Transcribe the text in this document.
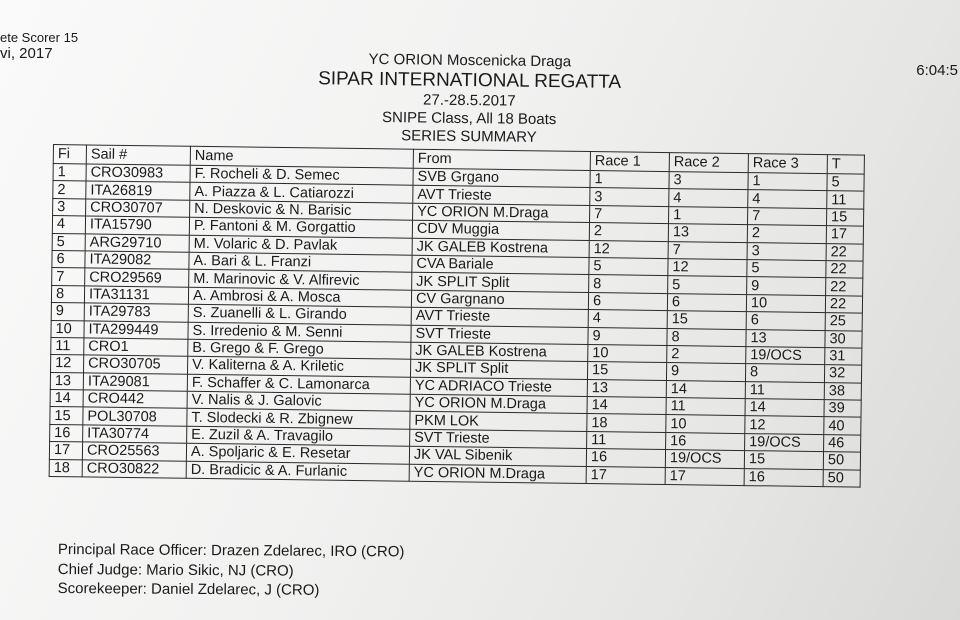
ete Scorer 15
vi, 2017
6:04:5
YC ORION Moscenicka Draga
SIPAR INTERNATIONAL REGATTA
27.-28.5.2017
SNIPE Class, All 18 Boats
SERIES SUMMARY
Fi	Sail #	Name	From	Race 1	Race 2	Race 3	T
1	CRO30983	F. Rocheli & D. Semec	SVB Grgano	1	3	1	5
2	ITA26819	A. Piazza & L. Catiarozzi	AVT Trieste	3	4	4	11
3	CRO30707	N. Deskovic & N. Barisic	YC ORION M.Draga	7	1	7	15
4	ITA15790	P. Fantoni & M. Gorgattio	CDV Muggia	2	13	2	17
5	ARG29710	M. Volaric & D. Pavlak	JK GALEB Kostrena	12	7	3	22
6	ITA29082	A. Bari & L. Franzi	CVA Bariale	5	12	5	22
7	CRO29569	M. Marinovic & V. Alfirevic	JK SPLIT Split	8	5	9	22
8	ITA31131	A. Ambrosi & A. Mosca	CV Gargnano	6	6	10	22
9	ITA29783	S. Zuanelli & L. Girando	AVT Trieste	4	15	6	25
10	ITA299449	S. Irredenio & M. Senni	SVT Trieste	9	8	13	30
11	CRO1	B. Grego & F. Grego	JK GALEB Kostrena	10	2	19/OCS	31
12	CRO30705	V. Kaliterna & A. Kriletic	JK SPLIT Split	15	9	8	32
13	ITA29081	F. Schaffer & C. Lamonarca	YC ADRIACO Trieste	13	14	11	38
14	CRO442	V. Nalis & J. Galovic	YC ORION M.Draga	14	11	14	39
15	POL30708	T. Slodecki & R. Zbignew	PKM LOK	18	10	12	40
16	ITA30774	E. Zuzil & A. Travagilo	SVT Trieste	11	16	19/OCS	46
17	CRO25563	A. Spoljaric & E. Resetar	JK VAL Sibenik	16	19/OCS	15	50
18	CRO30822	D. Bradicic & A. Furlanic	YC ORION M.Draga	17	17	16	50
Principal Race Officer: Drazen Zdelarec, IRO (CRO)
Chief Judge: Mario Sikic, NJ (CRO)
Scorekeeper: Daniel Zdelarec, J (CRO)
